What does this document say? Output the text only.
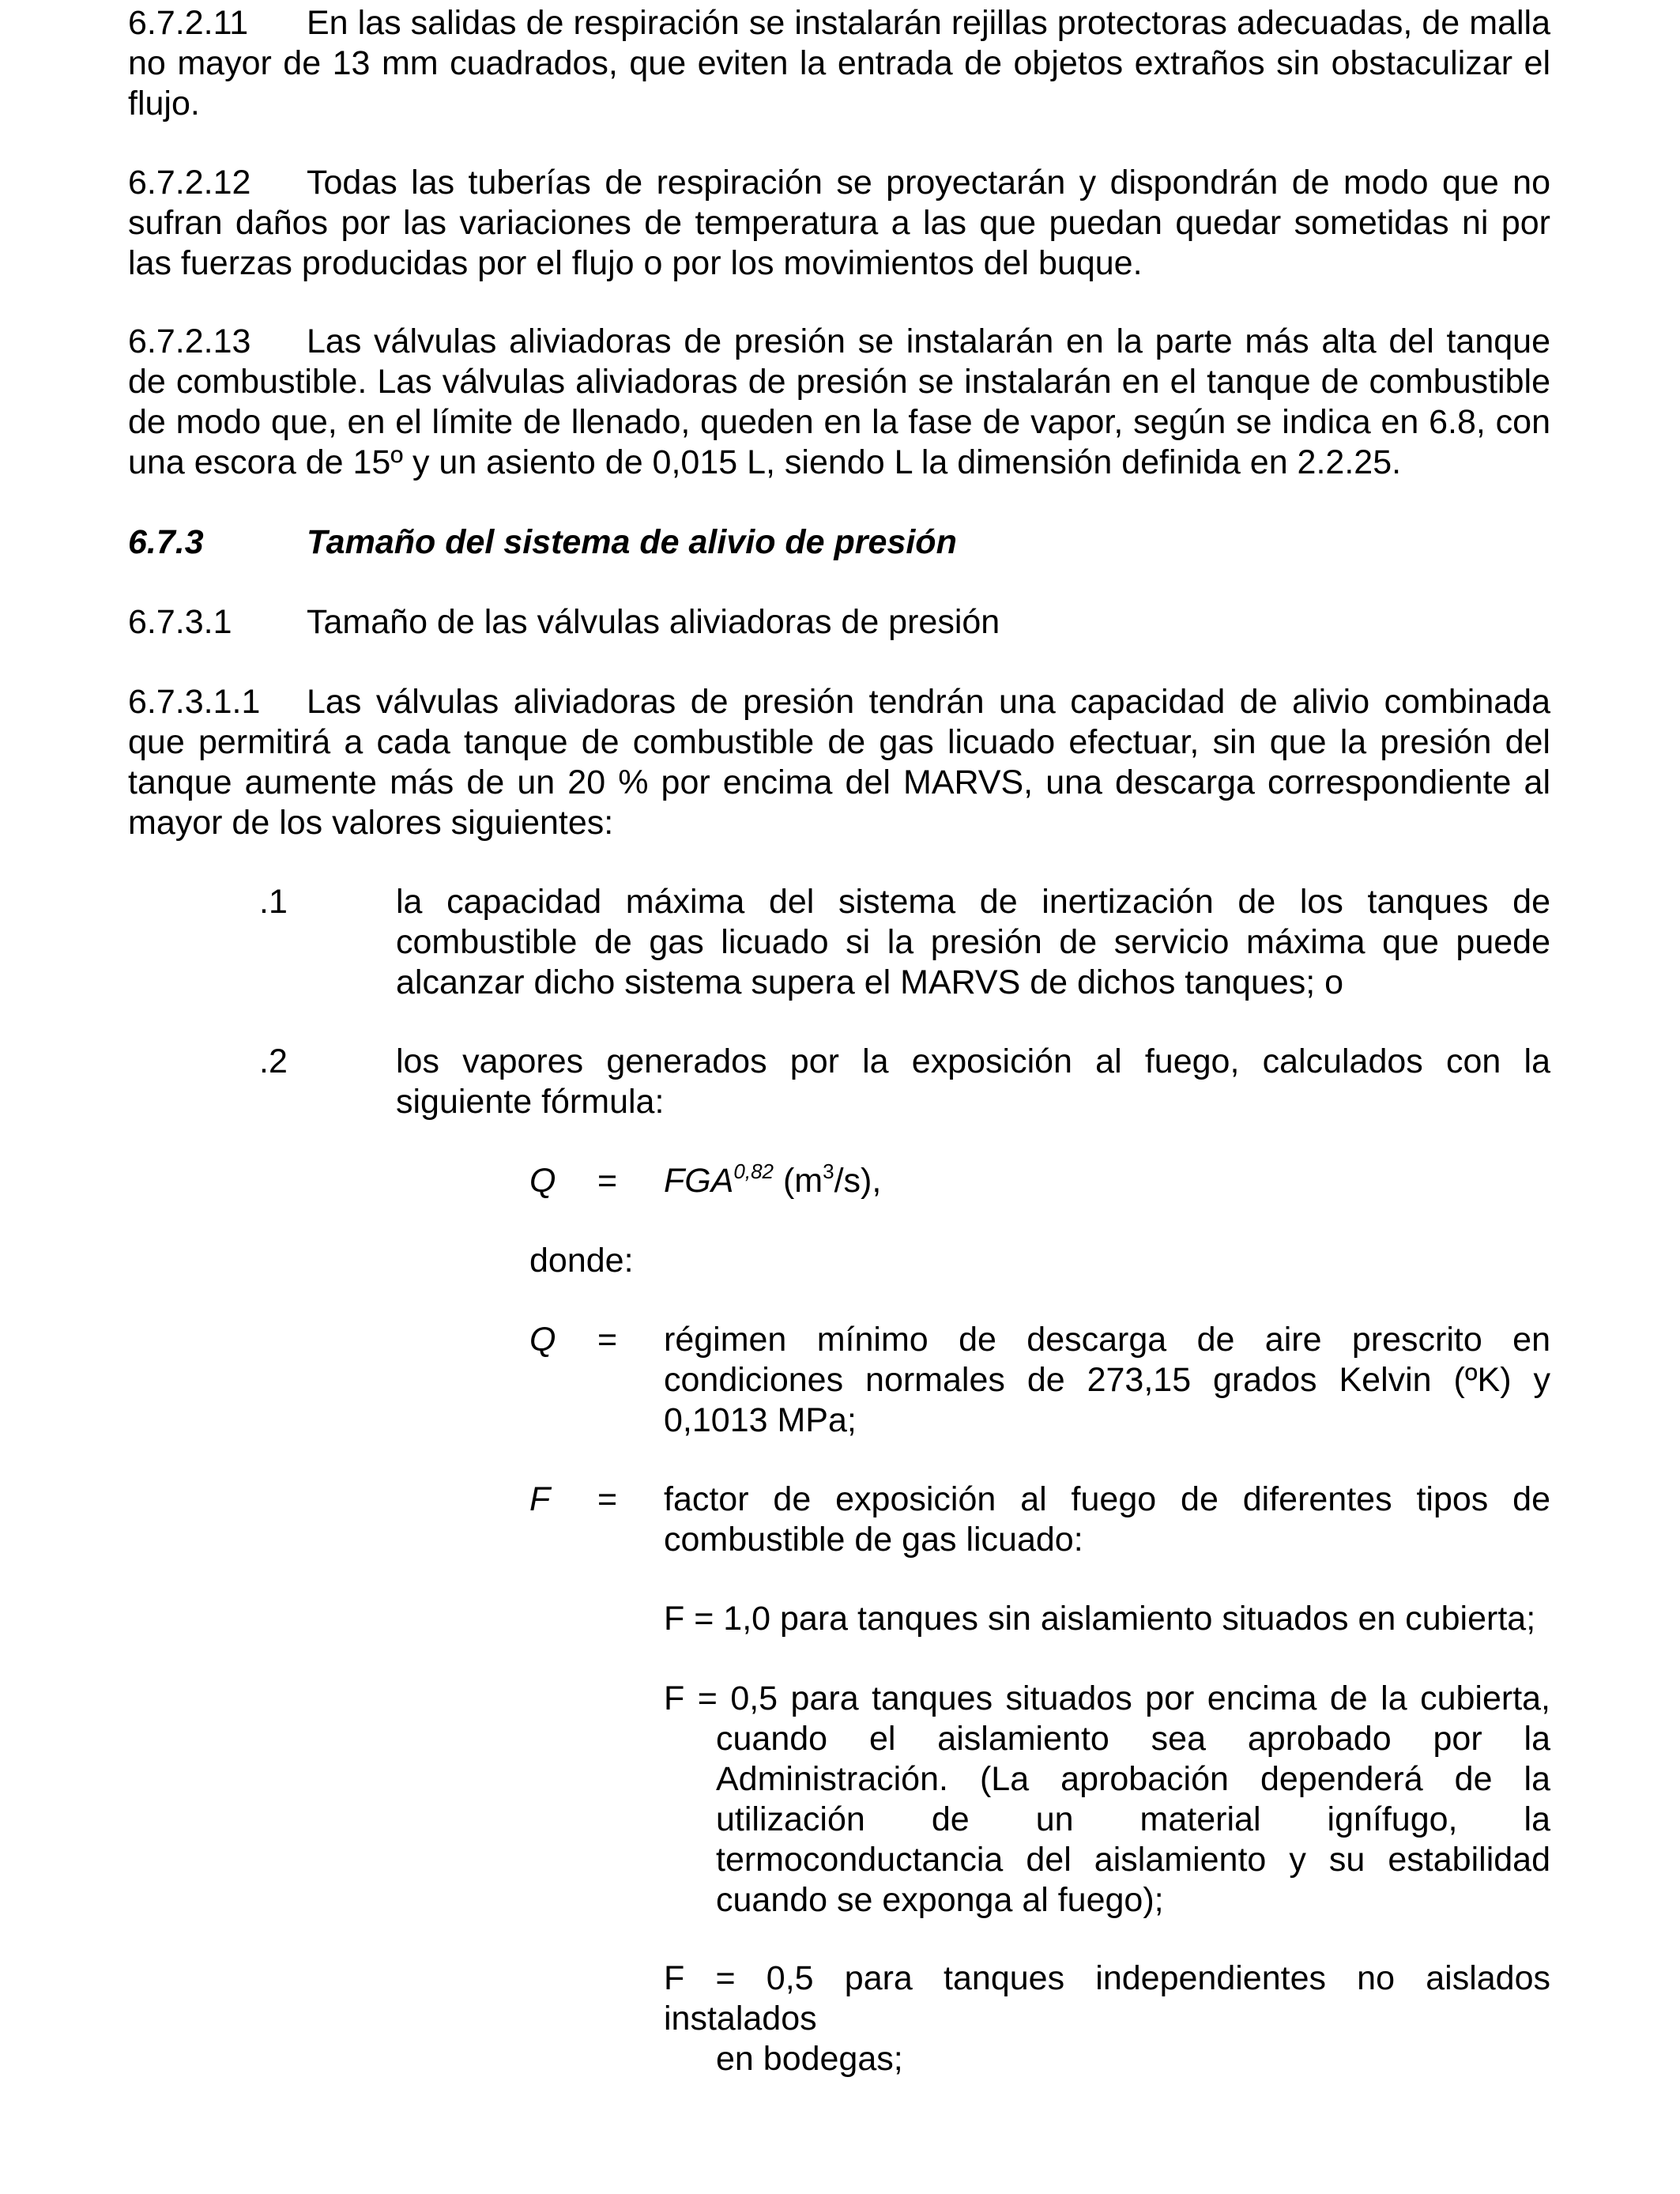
6.7.2.11 En las salidas de respiración se instalarán rejillas protectoras adecuadas, de malla no mayor de 13 mm cuadrados, que eviten la entrada de objetos extraños sin obstaculizar el flujo.
6.7.2.12 Todas las tuberías de respiración se proyectarán y dispondrán de modo que no sufran daños por las variaciones de temperatura a las que puedan quedar sometidas ni por las fuerzas producidas por el flujo o por los movimientos del buque.
6.7.2.13 Las válvulas aliviadoras de presión se instalarán en la parte más alta del tanque de combustible. Las válvulas aliviadoras de presión se instalarán en el tanque de combustible de modo que, en el límite de llenado, queden en la fase de vapor, según se indica en 6.8, con una escora de 15º y un asiento de 0,015 L, siendo L la dimensión definida en 2.2.25.
6.7.3	Tamaño del sistema de alivio de presión
6.7.3.1 Tamaño de las válvulas aliviadoras de presión
6.7.3.1.1 Las válvulas aliviadoras de presión tendrán una capacidad de alivio combinada que permitirá a cada tanque de combustible de gas licuado efectuar, sin que la presión del tanque aumente más de un 20 % por encima del MARVS, una descarga correspondiente al mayor de los valores siguientes:
.1	la capacidad máxima del sistema de inertización de los tanques de combustible de gas licuado si la presión de servicio máxima que puede alcanzar dicho sistema supera el MARVS de dichos tanques; o
.2	los vapores generados por la exposición al fuego, calculados con la siguiente fórmula:
Q = FGA$^{0,82}$ $(m^3/s)$,
donde:
Q = régimen mínimo de descarga de aire prescrito en condiciones normales de 273,15 grados Kelvin (ºK) y 0,1013 MPa;
F = factor de exposición al fuego de diferentes tipos de combustible de gas licuado:
F = 1,0 para tanques sin aislamiento situados en cubierta;
F = 0,5 para tanques situados por encima de la cubierta,
cuando el aislamiento sea aprobado por la Administración. (La aprobación dependerá de la utilización de un material ignífugo, la termoconductancia del aislamiento y su estabilidad cuando se exponga al fuego);
F = 0,5 para tanques independientes no aislados instalados
en bodegas;
